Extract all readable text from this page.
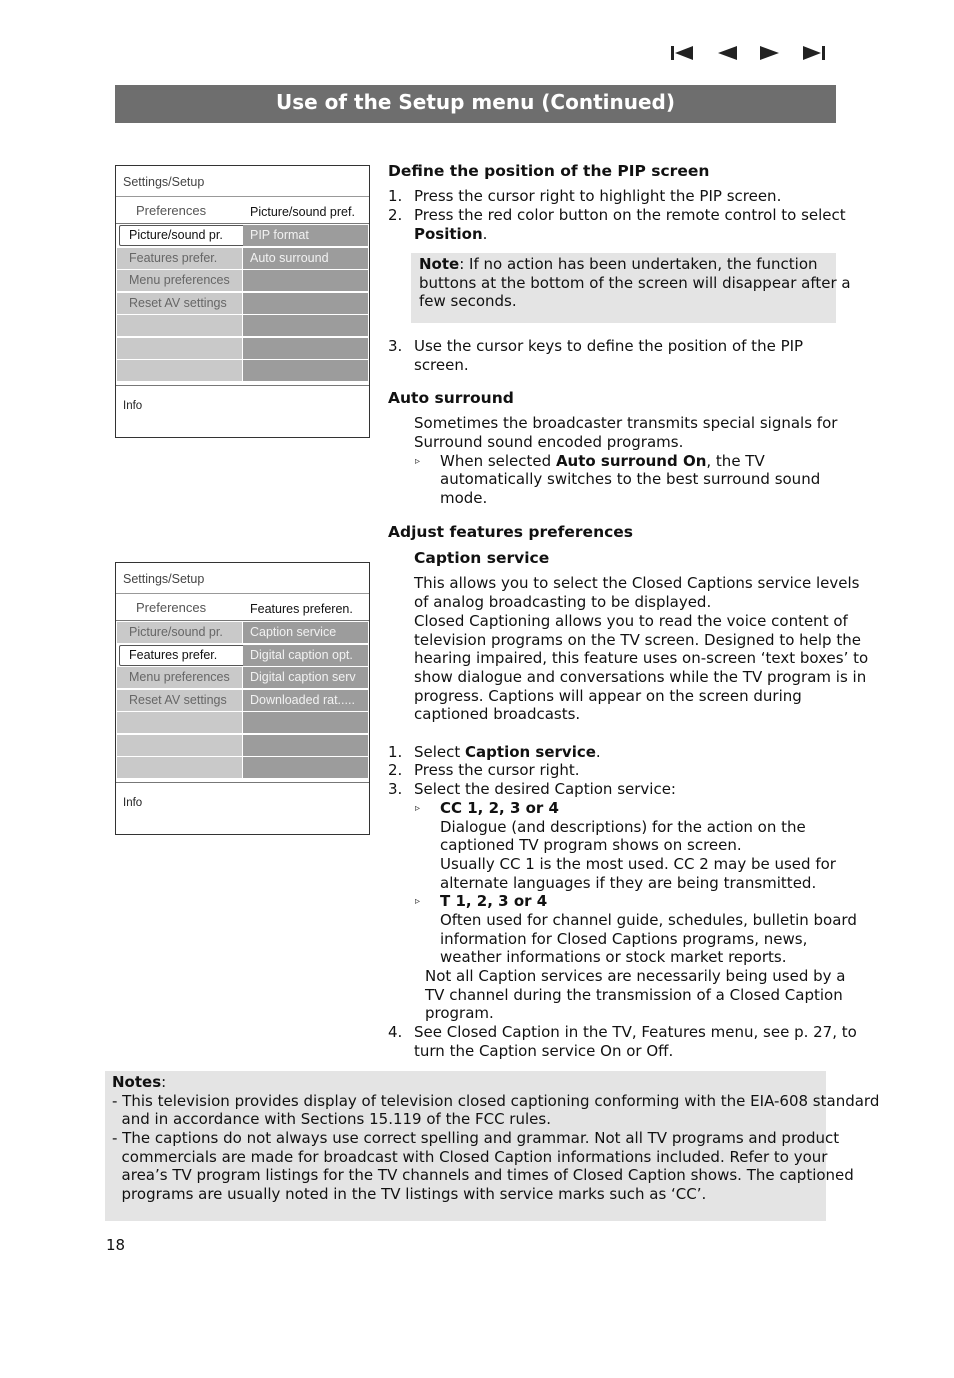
Use of the Setup menu (Continued)
Settings/Setup
Preferences	Picture/sound pref.
Picture/sound pr.
Features prefer.
Menu preferences
Reset AV settings
PIP format
Auto surround
Info
Settings/Setup
Preferences	Features preferen.
Picture/sound pr.
Features prefer.
Menu preferences
Reset AV settings
Caption service
Digital caption opt.
Digital caption serv
Downloaded rat.....
Info
Define the position of the PIP screen
1. Press the cursor right to highlight the PIP screen.
2. Press the red color button on the remote control to select
Position.
Note: If no action has been undertaken, the function
buttons at the bottom of the screen will disappear after a
few seconds.
3. Use the cursor keys to define the position of the PIP
screen.
Auto surround
Sometimes the broadcaster transmits special signals for
Surround sound encoded programs.
▹ When selected Auto surround On, the TV
automatically switches to the best surround sound
mode.
Adjust features preferences
Caption service
This allows you to select the Closed Captions service levels
of analog broadcasting to be displayed.
Closed Captioning allows you to read the voice content of
television programs on the TV screen. Designed to help the
hearing impaired, this feature uses on-screen ‘text boxes’ to
show dialogue and conversations while the TV program is in
progress. Captions will appear on the screen during
captioned broadcasts.
1. Select Caption service.
2. Press the cursor right.
3. Select the desired Caption service:
▹ CC 1, 2, 3 or 4
Dialogue (and descriptions) for the action on the
captioned TV program shows on screen.
Usually CC 1 is the most used. CC 2 may be used for
alternate languages if they are being transmitted.
▹ T 1, 2, 3 or 4
Often used for channel guide, schedules, bulletin board
information for Closed Captions programs, news,
weather informations or stock market reports.
Not all Caption services are necessarily being used by a
TV channel during the transmission of a Closed Caption
program.
4. See Closed Caption in the TV, Features menu, see p. 27, to
turn the Caption service On or Off.
Notes:
- This television provides display of television closed captioning conforming with the EIA-608 standard
and in accordance with Sections 15.119 of the FCC rules.
- The captions do not always use correct spelling and grammar. Not all TV programs and product
commercials are made for broadcast with Closed Caption informations included. Refer to your
area’s TV program listings for the TV channels and times of Closed Caption shows. The captioned
programs are usually noted in the TV listings with service marks such as ‘CC’.
18
